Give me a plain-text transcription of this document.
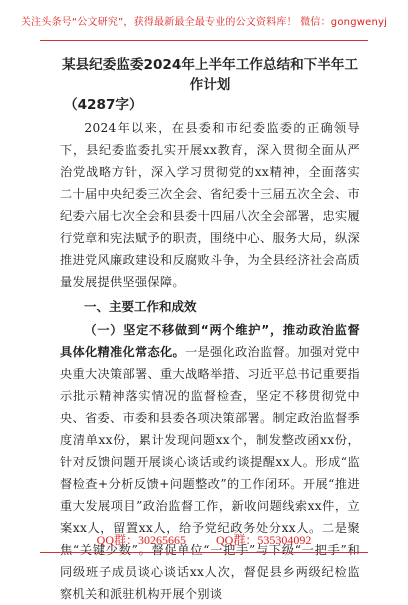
关注头条号“公文研究”，获得最新最全最专业的公文资料库！ 微信：gongwenyj

某县纪委监委2024年上半年工作总结和下半年工作计划

（4287字）

2024年以来，在县委和市纪委监委的正确领导下，县纪委监委扎实开展xx教育，深入贯彻全面从严治党战略方针，深入学习贯彻党的xx精神，全面落实二十届中央纪委三次全会、省纪委十三届五次全会、市纪委六届七次全会和县委十四届八次全会部署，忠实履行党章和宪法赋予的职责，围绕中心、服务大局，纵深推进党风廉政建设和反腐败斗争，为全县经济社会高质量发展提供坚强保障。

一、主要工作和成效

（一）坚定不移做到“两个维护”，推动政治监督具体化精准化常态化。一是强化政治监督。加强对党中央重大决策部署、重大战略举措、习近平总书记重要指示批示精神落实情况的监督检查，坚定不移贯彻党中央、省委、市委和县委各项决策部署。制定政治监督季度清单xx份，累计发现问题xx个，制发整改函xx份，针对反馈问题开展谈心谈话或约谈提醒xx人。形成“监督检查+分析反馈+问题整改”的工作闭环。开展“推进重大发展项目”政治监督工作，新收问题线索xx件，立案xx人，留置xx人，给予党纪政务处分xx人。二是聚焦“关键少数”。督促单位“一把手”与下级“一把手”和同级班子成员谈心谈话xx人次，督促县乡两级纪检监察机关和派驻机构开展个别谈

QQ群：30265665	QQ群：535304092
